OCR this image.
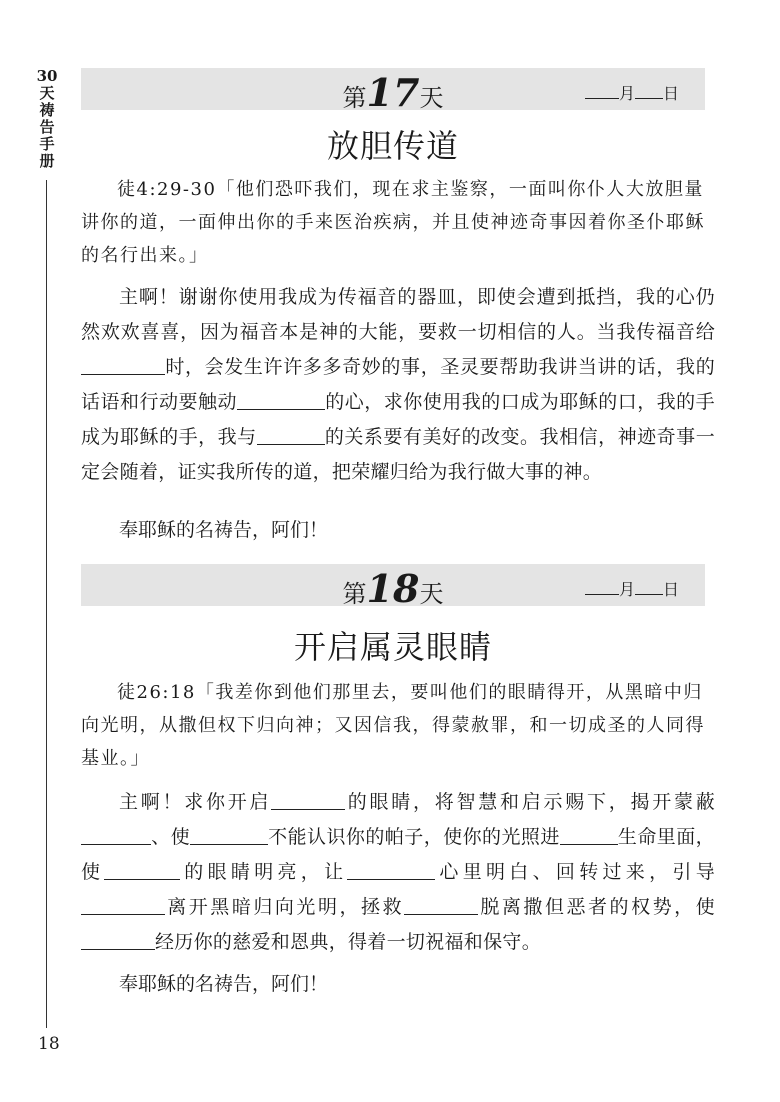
30天祷告手册
18
第17天	月 日
放胆传道

徒4:29-30「他们恐吓我们，现在求主鉴察，一面叫你仆人大放胆量讲你的道，一面伸出你的手来医治疾病，并且使神迹奇事因着你圣仆耶稣的名行出来。」

主啊！谢谢你使用我成为传福音的器皿，即使会遭到抵挡，我的心仍然欢欢喜喜，因为福音本是神的大能，要救一切相信的人。当我传福音给时，会发生许许多多奇妙的事，圣灵要帮助我讲当讲的话，我的话语和行动要触动	的心，求你使用我的口成为耶稣的口，我的手成为耶稣的手，我与	的关系要有美好的改变。我相信，神迹奇事一定会随着，证实我所传的道，把荣耀归给为我行做大事的神。

奉耶稣的名祷告，阿们！

第18天	月 日
开启属灵眼睛

徒26:18「我差你到他们那里去，要叫他们的眼睛得开，从黑暗中归向光明，从撒但权下归向神；又因信我，得蒙赦罪，和一切成圣的人同得基业。」

主啊！求你开启	的眼睛，将智慧和启示赐下，揭开蒙蔽、使	不能认识你的帕子，使你的光照进	生命里面，使	的眼睛明亮，让	心里明白、回转过来，引导离开黑暗归向光明，拯救	脱离撒但恶者的权势，使经历你的慈爱和恩典，得着一切祝福和保守。

奉耶稣的名祷告，阿们！
